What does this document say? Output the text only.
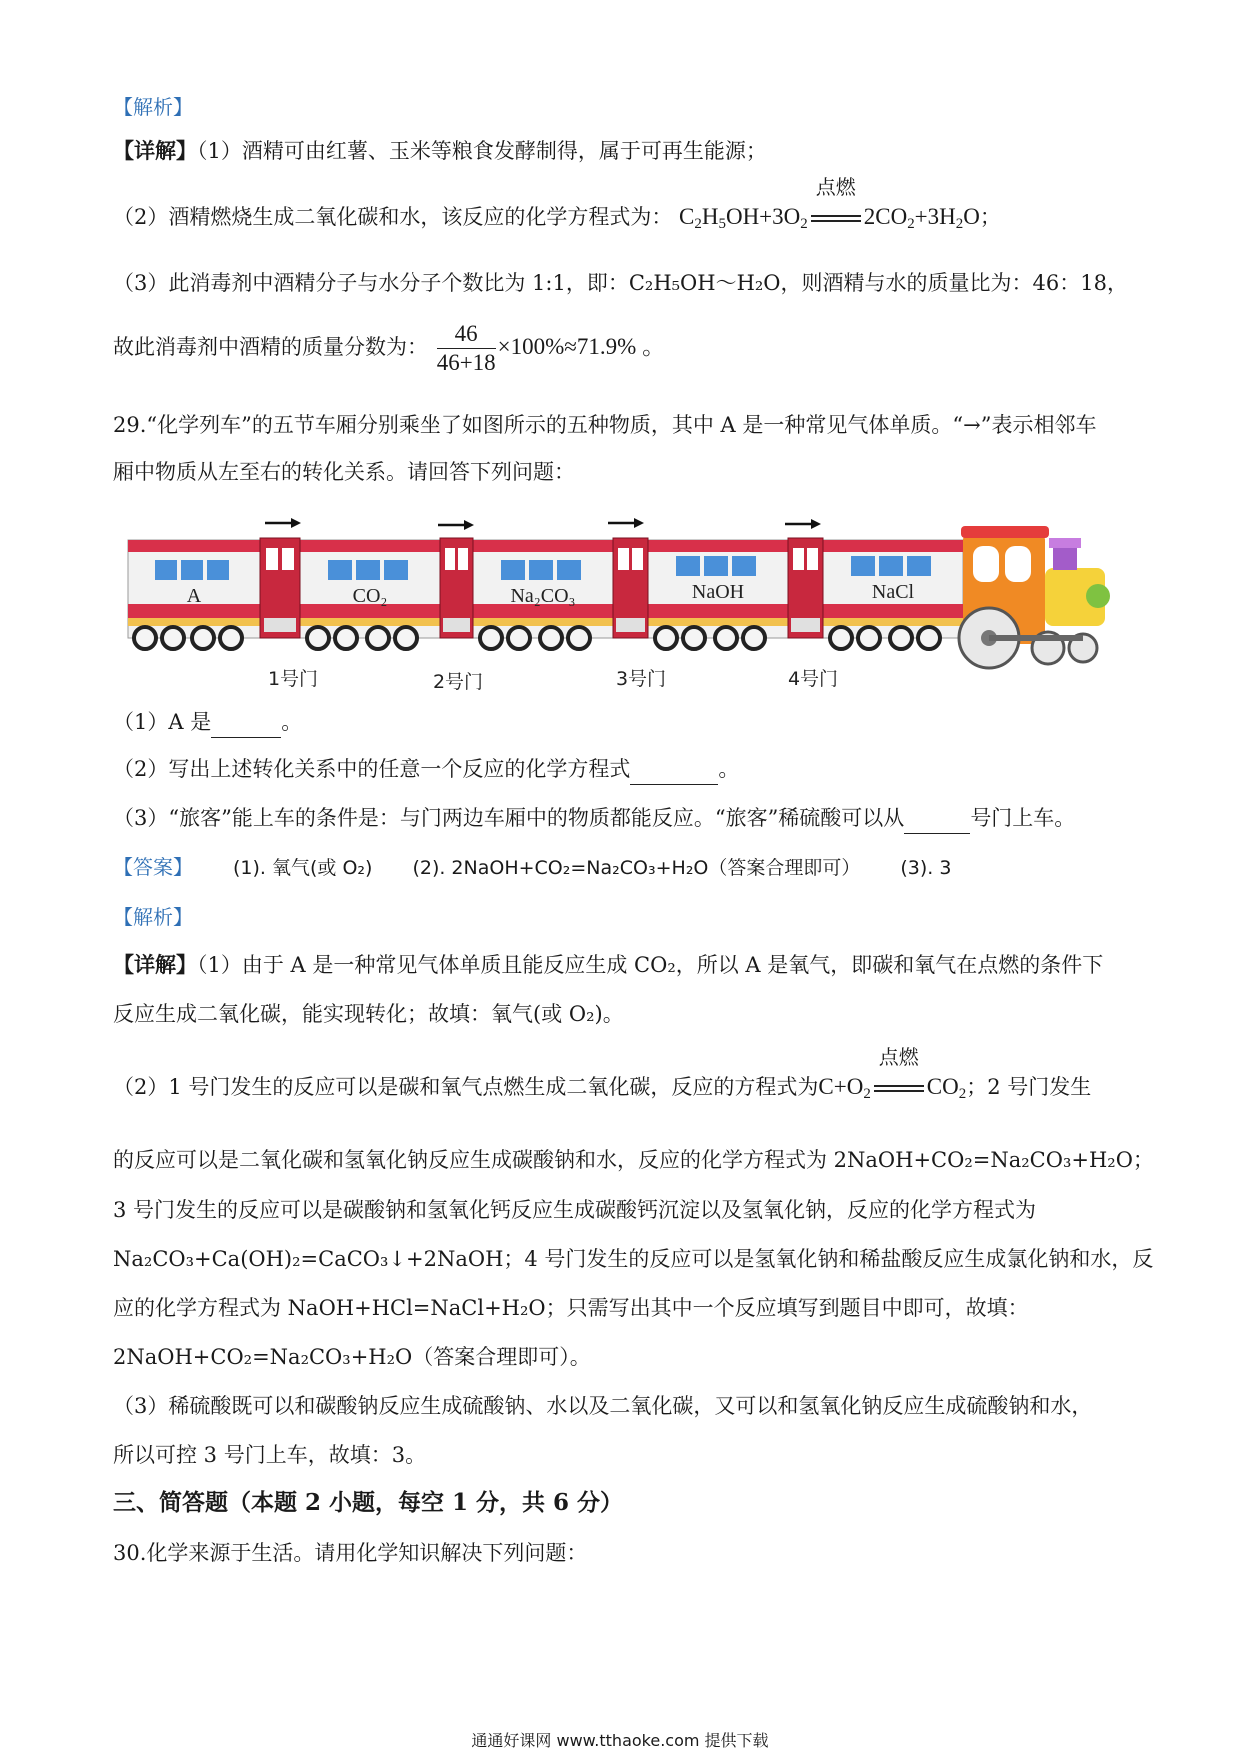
【解析】
【详解】（1）酒精可由红薯、玉米等粮食发酵制得，属于可再生能源；
（2）酒精燃烧生成二氧化碳和水，该反应的化学方程式为： $C_2H_5OH+3O_2$
点燃
$2CO_2+3H_2O$；
（3）此消毒剂中酒精分子与水分子个数比为 1:1，即：C₂H₅OH～H₂O，则酒精与水的质量比为：46：18，
故此消毒剂中酒精的质量分数为： $\frac{46}{46+18} \times 100\%\approx 71.9\%$ 。
29.“化学列车”的五节车厢分别乘坐了如图所示的五种物质，其中 A 是一种常见气体单质。“→”表示相邻车
厢中物质从左至右的转化关系。请回答下列问题：
A	CO₂	Na₂CO₃	NaOH	NaCl
1号门	2号门	3号门	4号门
（1）A 是	。
（2）写出上述转化关系中的任意一个反应的化学方程式	。
（3）“旅客”能上车的条件是：与门两边车厢中的物质都能反应。“旅客”稀硫酸可以从	号门上车。
【答案】 (1). 氧气(或 O₂) (2). 2NaOH+CO₂=Na₂CO₃+H₂O（答案合理即可） (3). 3
【解析】
【详解】（1）由于 A 是一种常见气体单质且能反应生成 CO₂，所以 A 是氧气，即碳和氧气在点燃的条件下
反应生成二氧化碳，能实现转化；故填：氧气(或 O₂)。
（2）1 号门发生的反应可以是碳和氧气点燃生成二氧化碳，反应的方程式为$C+O_2$
点燃
$CO_2$；2 号门发生
的反应可以是二氧化碳和氢氧化钠反应生成碳酸钠和水，反应的化学方程式为 2NaOH+CO₂=Na₂CO₃+H₂O；
3 号门发生的反应可以是碳酸钠和氢氧化钙反应生成碳酸钙沉淀以及氢氧化钠，反应的化学方程式为
Na₂CO₃+Ca(OH)₂=CaCO₃↓+2NaOH；4 号门发生的反应可以是氢氧化钠和稀盐酸反应生成氯化钠和水，反
应的化学方程式为 NaOH+HCl=NaCl+H₂O；只需写出其中一个反应填写到题目中即可，故填：
2NaOH+CO₂=Na₂CO₃+H₂O（答案合理即可）。
（3）稀硫酸既可以和碳酸钠反应生成硫酸钠、水以及二氧化碳，又可以和氢氧化钠反应生成硫酸钠和水，
所以可控 3 号门上车，故填：3。
三、简答题（本题 2 小题，每空 1 分，共 6 分）
30.化学来源于生活。请用化学知识解决下列问题：
通通好课网 www.tthaoke.com 提供下载
